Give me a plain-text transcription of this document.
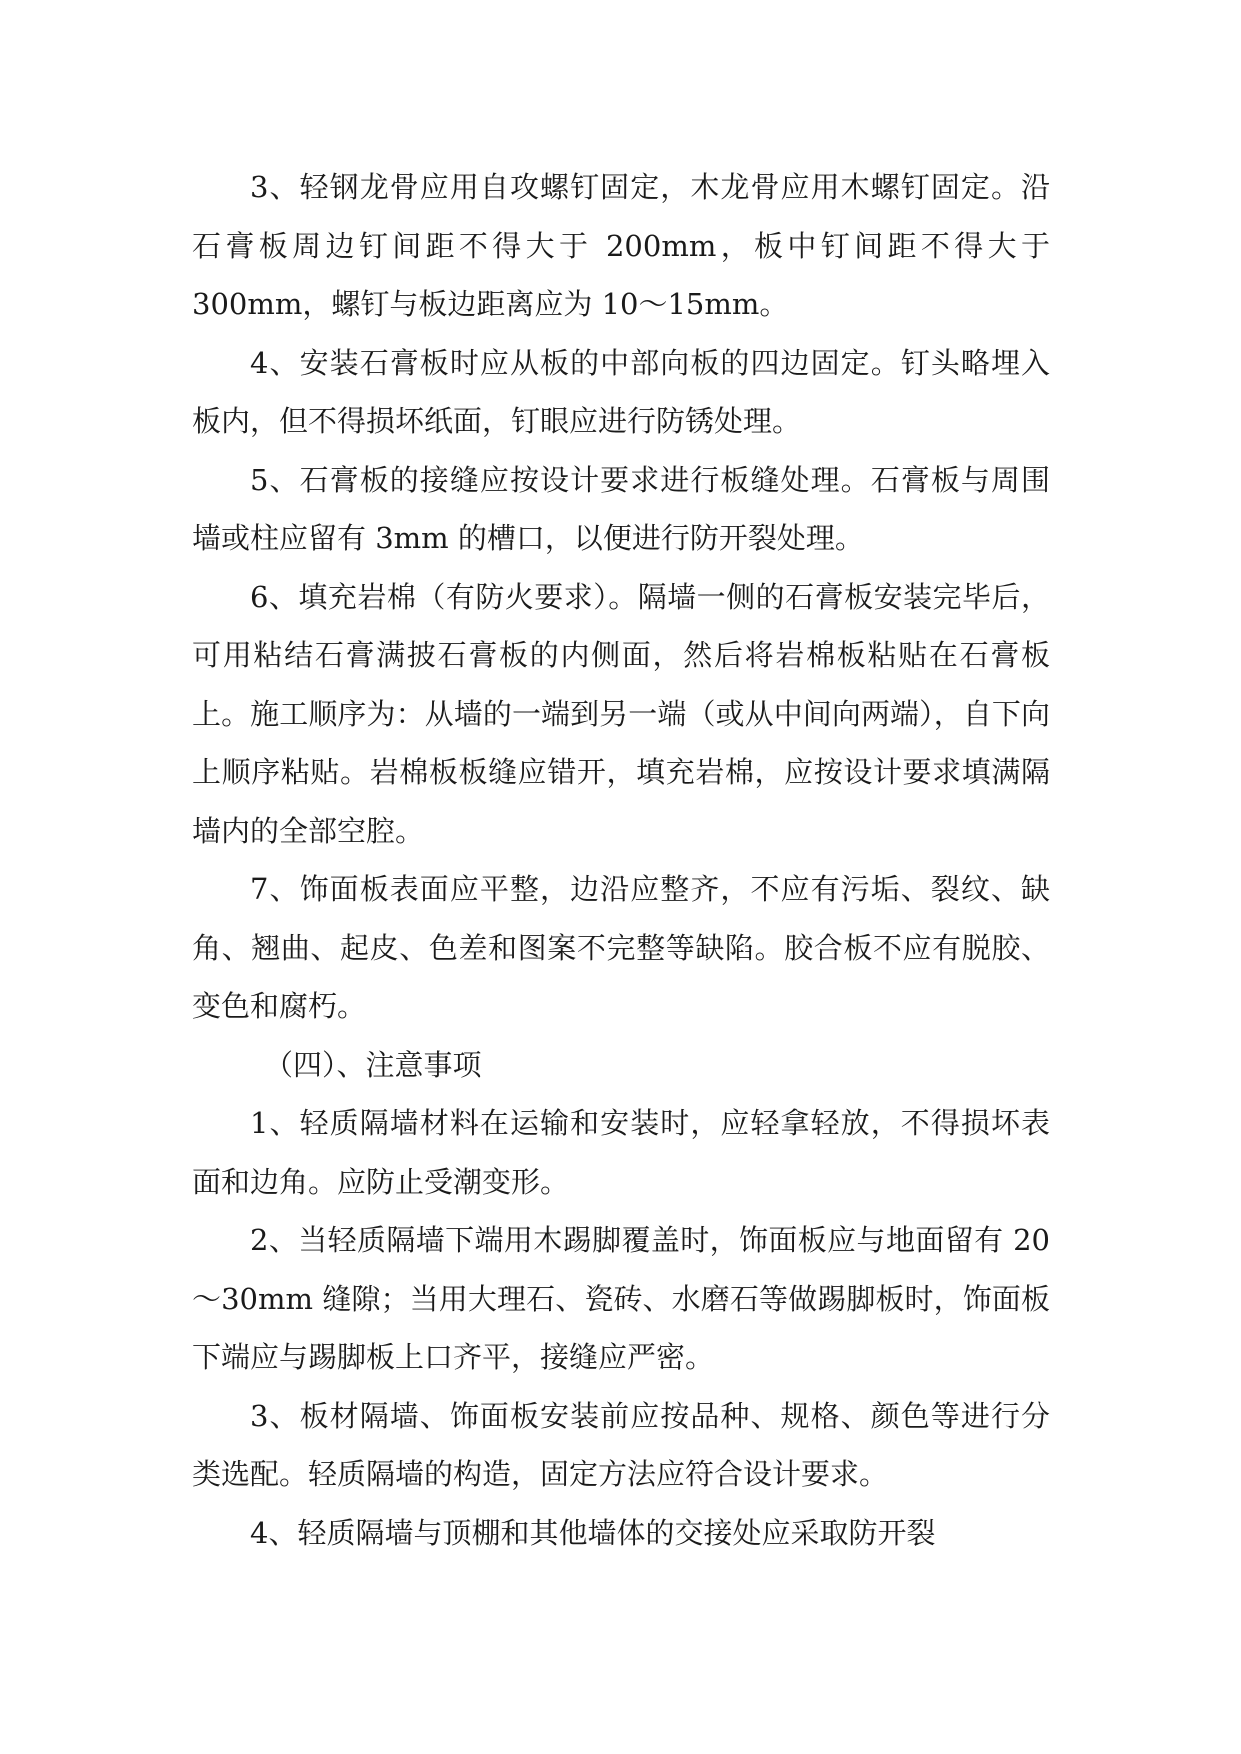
3、轻钢龙骨应用自攻螺钉固定，木龙骨应用木螺钉固定。沿石膏板周边钉间距不得大于 200mm，板中钉间距不得大于 300mm，螺钉与板边距离应为 10～15mm。

4、安装石膏板时应从板的中部向板的四边固定。钉头略埋入板内，但不得损坏纸面，钉眼应进行防锈处理。

5、石膏板的接缝应按设计要求进行板缝处理。石膏板与周围墙或柱应留有 3mm 的槽口，以便进行防开裂处理。

6、填充岩棉（有防火要求）。隔墙一侧的石膏板安装完毕后，可用粘结石膏满披石膏板的内侧面，然后将岩棉板粘贴在石膏板上。施工顺序为：从墙的一端到另一端（或从中间向两端），自下向上顺序粘贴。岩棉板板缝应错开，填充岩棉，应按设计要求填满隔墙内的全部空腔。

7、饰面板表面应平整，边沿应整齐，不应有污垢、裂纹、缺角、翘曲、起皮、色差和图案不完整等缺陷。胶合板不应有脱胶、变色和腐朽。

（四）、注意事项

1、轻质隔墙材料在运输和安装时，应轻拿轻放，不得损坏表面和边角。应防止受潮变形。

2、当轻质隔墙下端用木踢脚覆盖时，饰面板应与地面留有 20～30mm 缝隙；当用大理石、瓷砖、水磨石等做踢脚板时，饰面板下端应与踢脚板上口齐平，接缝应严密。

3、板材隔墙、饰面板安装前应按品种、规格、颜色等进行分类选配。轻质隔墙的构造，固定方法应符合设计要求。

4、轻质隔墙与顶棚和其他墙体的交接处应采取防开裂
